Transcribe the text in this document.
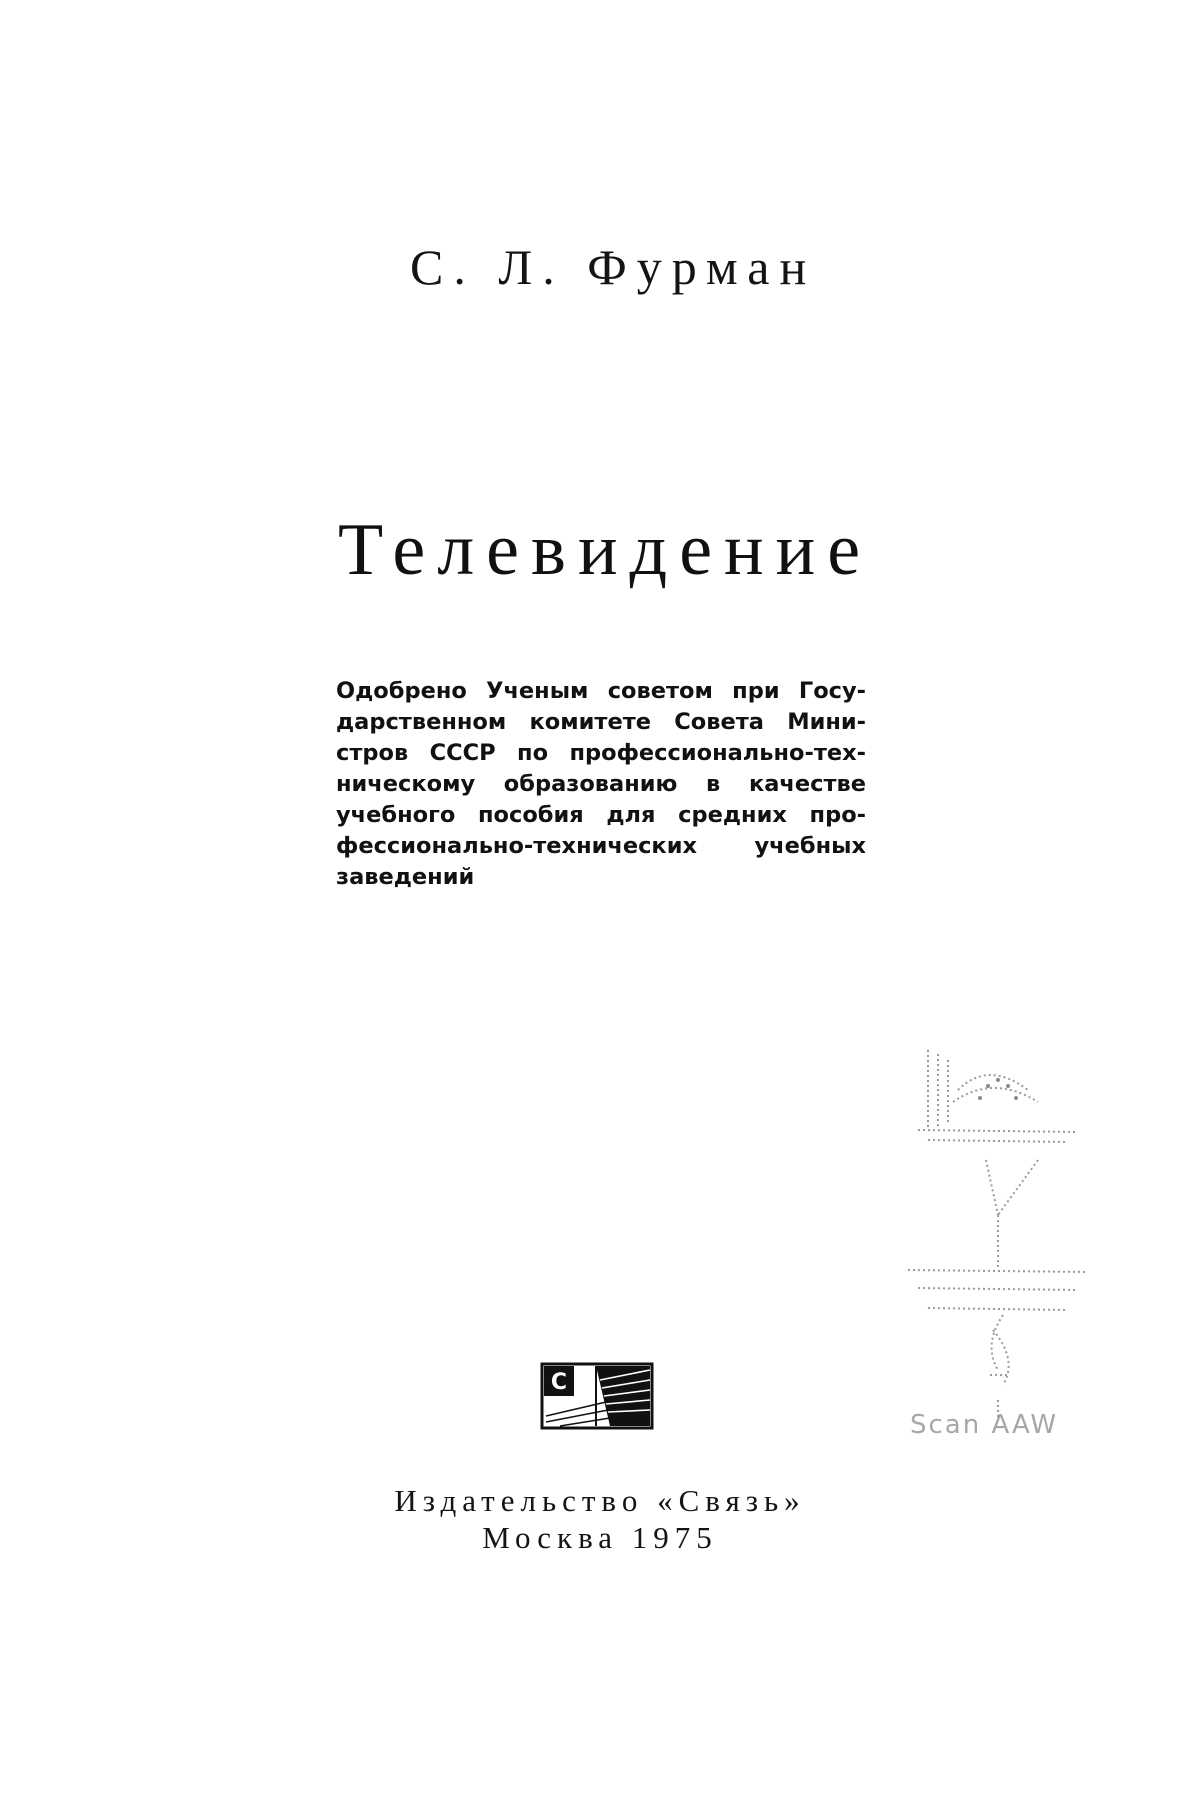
С. Л. Фурман
Телевидение
Одобрено Ученым советом при Госу-
дарственном комитете Совета Мини-
стров СССР по профессионально-тех-
ническому образованию в качестве
учебного пособия для средних про-
фессионально-технических учебных
заведений
Scan AAW
С
Издательство «Связь»
Москва 1975
